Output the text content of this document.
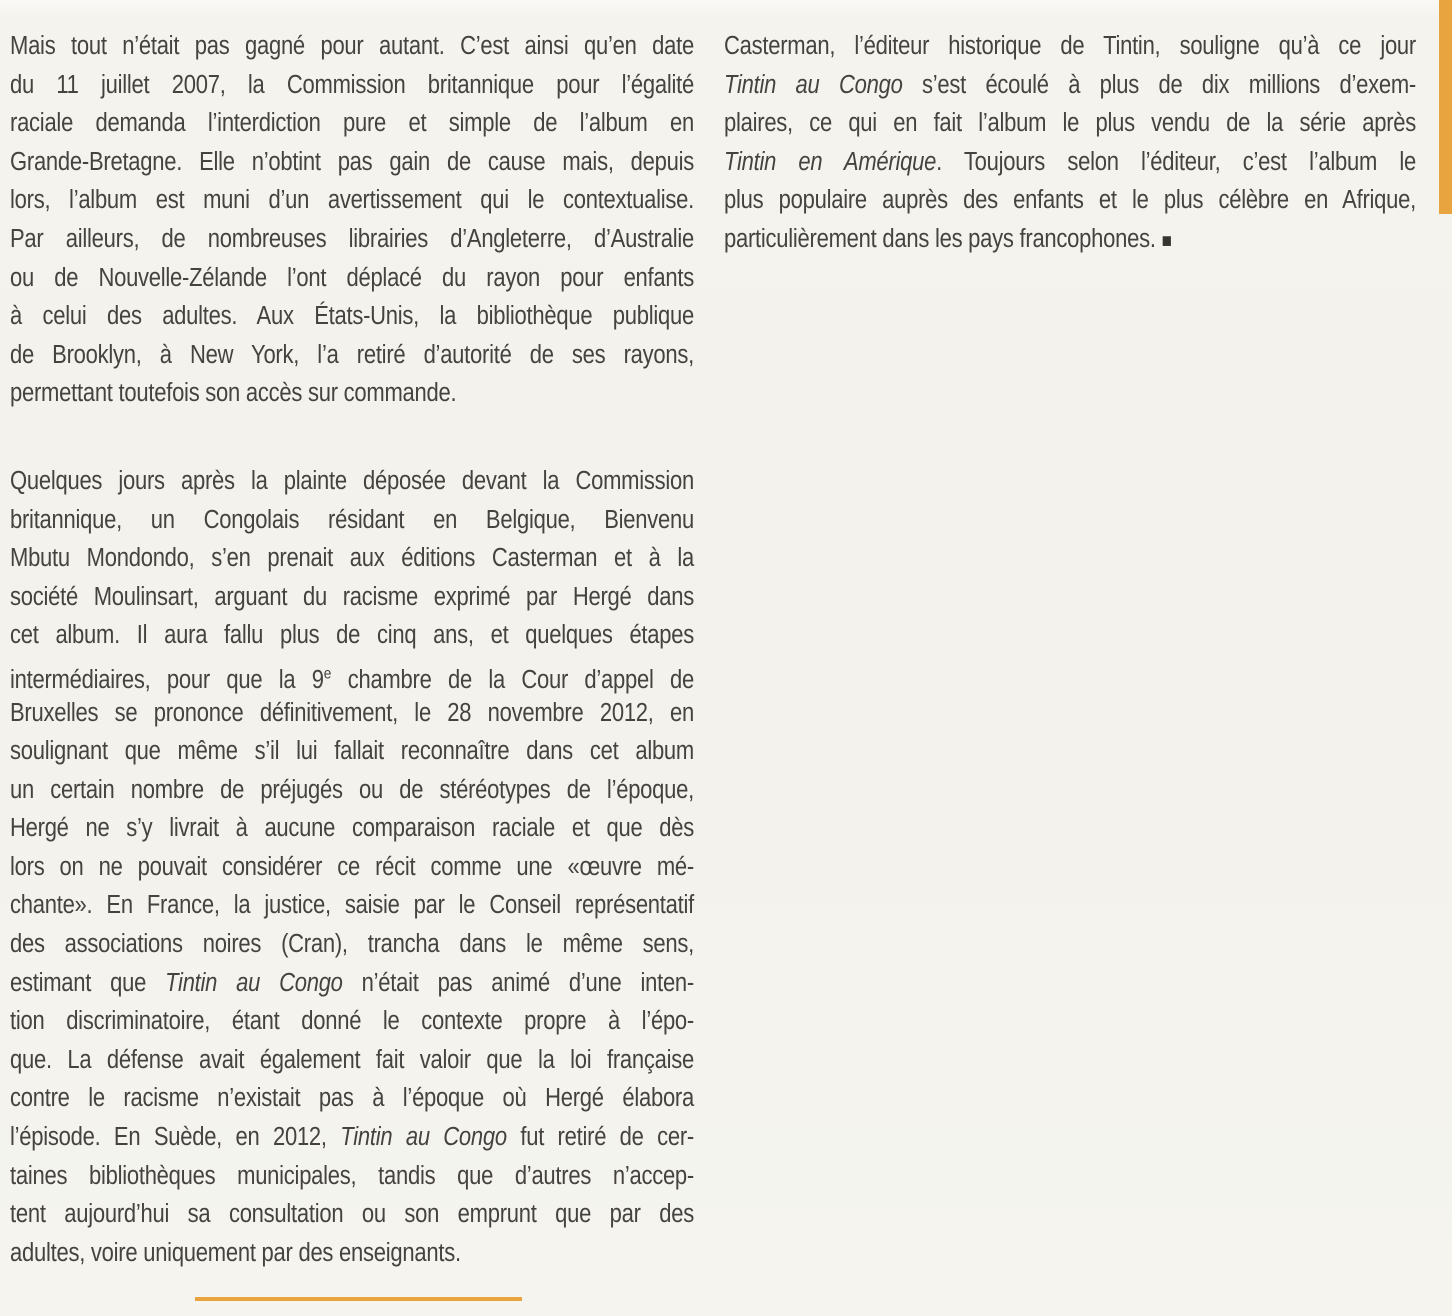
Mais tout n’était pas gagné pour autant. C’est ainsi qu’en date
du 11 juillet 2007, la Commission britannique pour l’égalité
raciale demanda l’interdiction pure et simple de l’album en
Grande-Bretagne. Elle n’obtint pas gain de cause mais, depuis
lors, l’album est muni d’un avertissement qui le contextualise.
Par ailleurs, de nombreuses librairies d’Angleterre, d’Australie
ou de Nouvelle-Zélande l’ont déplacé du rayon pour enfants
à celui des adultes. Aux États-Unis, la bibliothèque publique
de Brooklyn, à New York, l’a retiré d’autorité de ses rayons,
permettant toutefois son accès sur commande.
Quelques jours après la plainte déposée devant la Commission
britannique, un Congolais résidant en Belgique, Bienvenu
Mbutu Mondondo, s’en prenait aux éditions Casterman et à la
société Moulinsart, arguant du racisme exprimé par Hergé dans
cet album. Il aura fallu plus de cinq ans, et quelques étapes
intermédiaires, pour que la 9e chambre de la Cour d’appel de
Bruxelles se prononce définitivement, le 28 novembre 2012, en
soulignant que même s’il lui fallait reconnaître dans cet album
un certain nombre de préjugés ou de stéréotypes de l’époque,
Hergé ne s’y livrait à aucune comparaison raciale et que dès
lors on ne pouvait considérer ce récit comme une «œuvre mé-
chante». En France, la justice, saisie par le Conseil représentatif
des associations noires (Cran), trancha dans le même sens,
estimant que Tintin au Congo n’était pas animé d’une inten-
tion discriminatoire, étant donné le contexte propre à l’épo-
que. La défense avait également fait valoir que la loi française
contre le racisme n’existait pas à l’époque où Hergé élabora
l’épisode. En Suède, en 2012, Tintin au Congo fut retiré de cer-
taines bibliothèques municipales, tandis que d’autres n’accep-
tent aujourd’hui sa consultation ou son emprunt que par des
adultes, voire uniquement par des enseignants.
Casterman, l’éditeur historique de Tintin, souligne qu’à ce jour
Tintin au Congo s’est écoulé à plus de dix millions d’exem-
plaires, ce qui en fait l’album le plus vendu de la série après
Tintin en Amérique. Toujours selon l’éditeur, c’est l’album le
plus populaire auprès des enfants et le plus célèbre en Afrique,
particulièrement dans les pays francophones. ■
